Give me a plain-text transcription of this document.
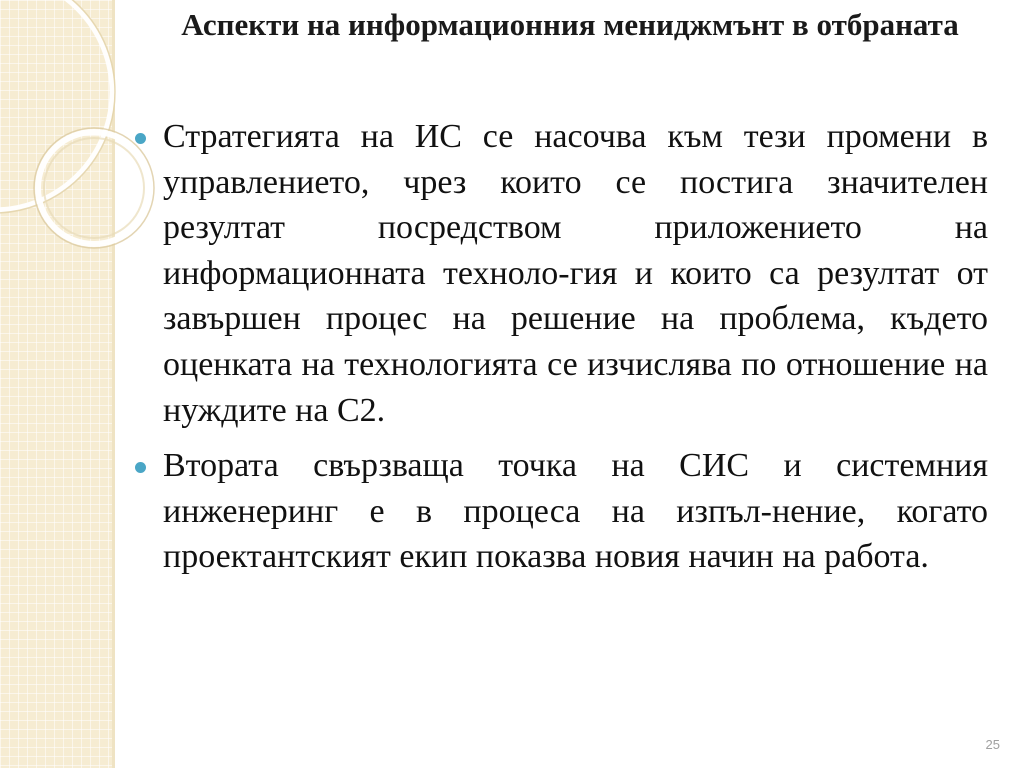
Аспекти на информационния мениджмънт в отбраната
Стратегията на ИС се насочва към тези промени в управлението, чрез които се постига значителен резултат посредством приложението на информационната техноло-гия и които са резултат от завършен процес на решение на проблема, където оценката на технологията се изчислява по отношение на нуждите на С2.
Втората свързваща точка на СИС и системния инженеринг е в процеса на изпъл-нение, когато проектантският екип показва новия начин на работа.
25
